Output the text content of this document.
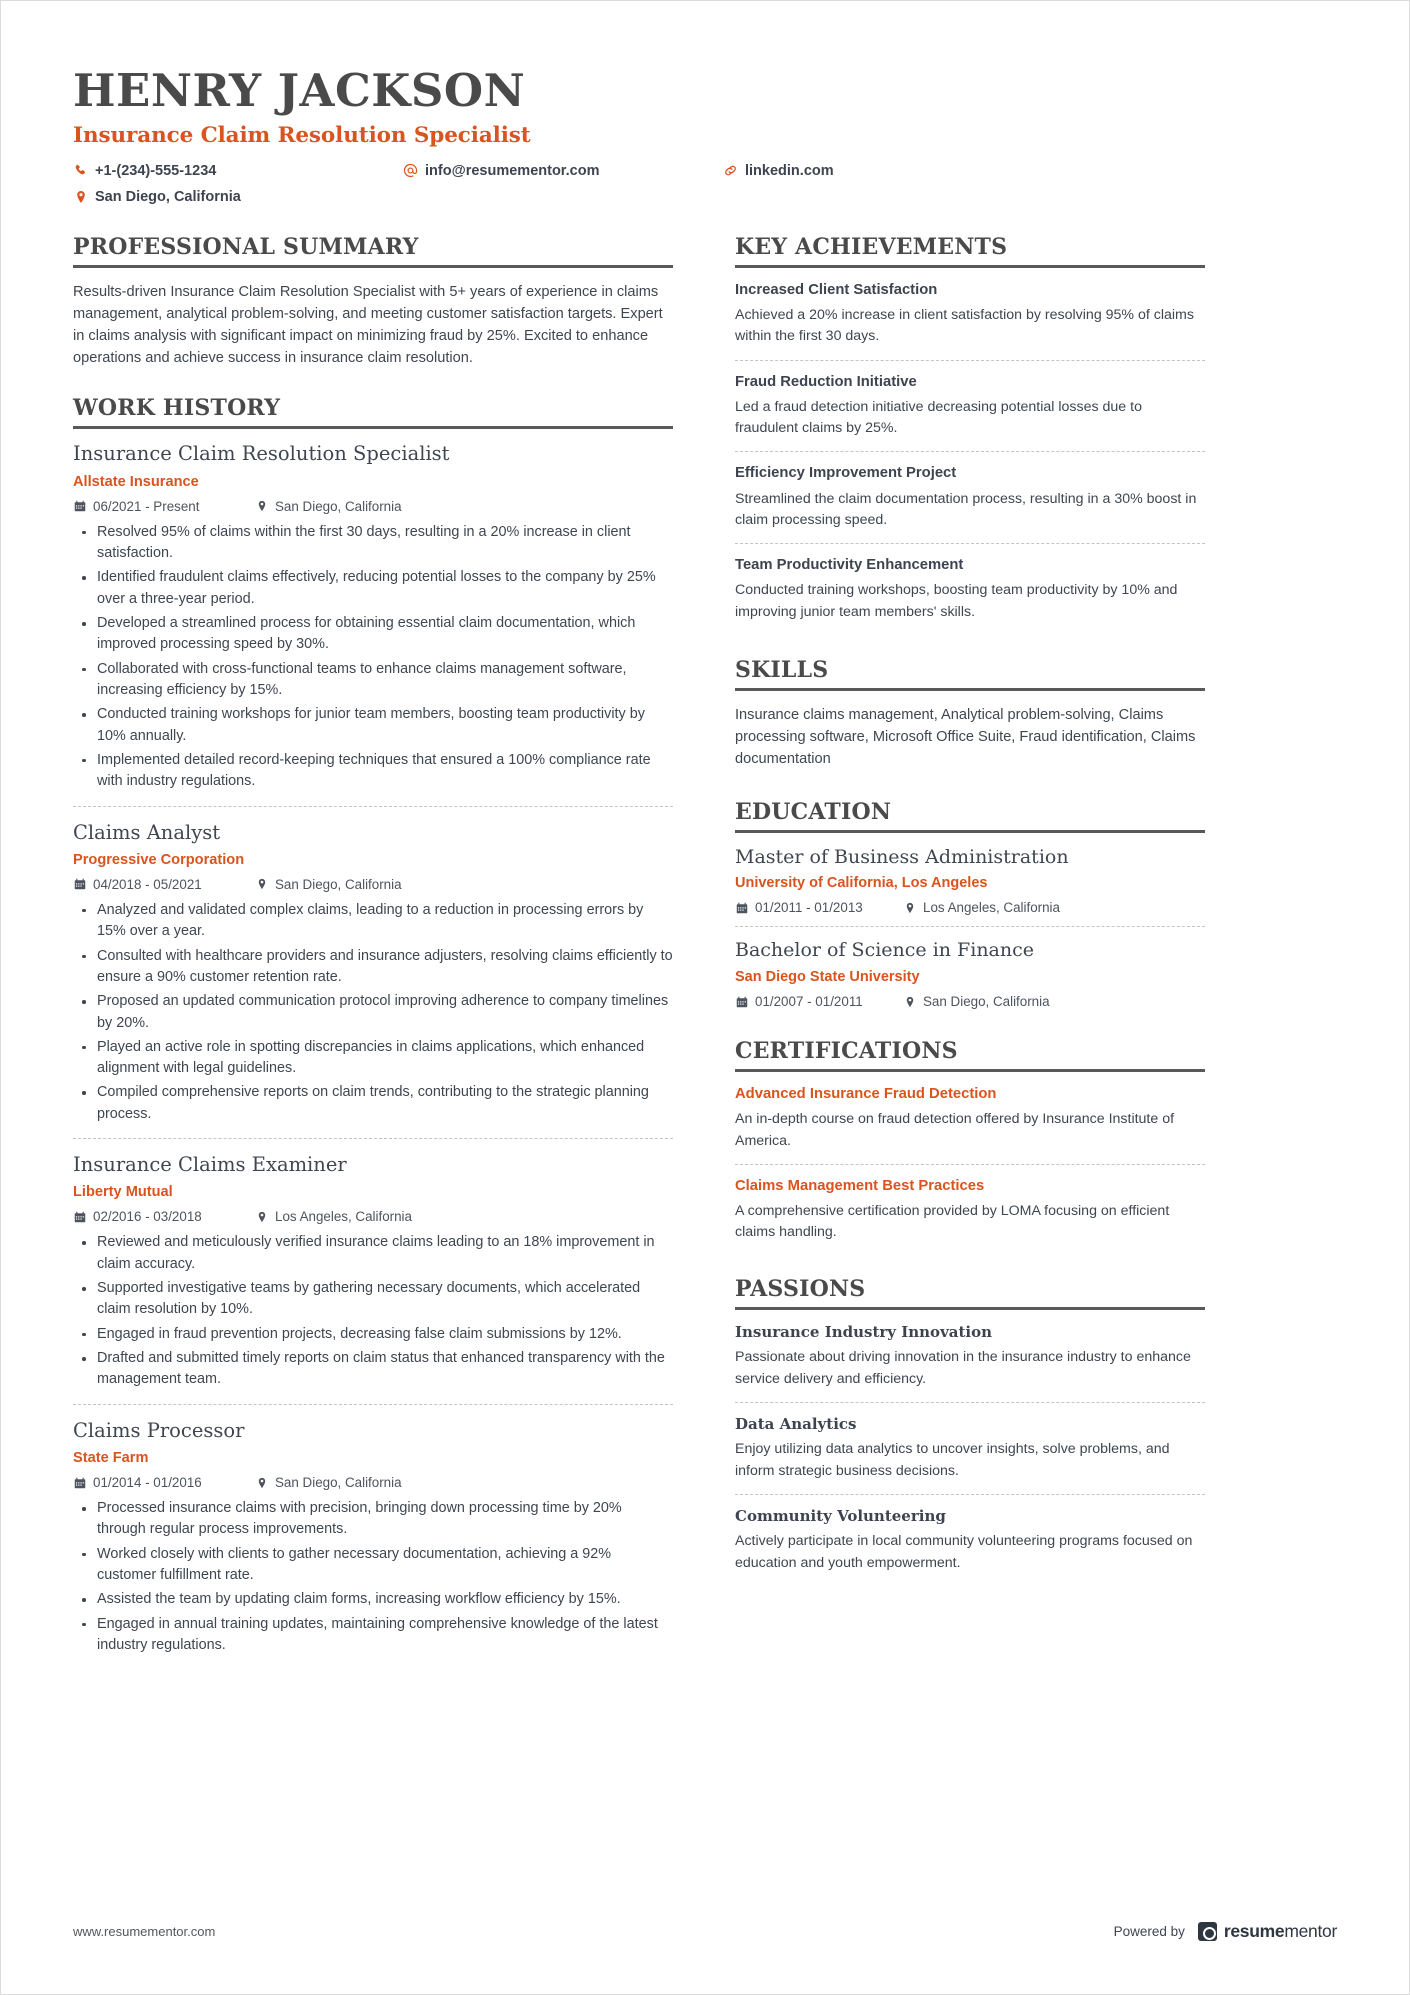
HENRY JACKSON
Insurance Claim Resolution Specialist
+1-(234)-555-1234	info@resumementor.com	linkedin.com
San Diego, California
PROFESSIONAL SUMMARY
Results-driven Insurance Claim Resolution Specialist with 5+ years of experience in claims management, analytical problem-solving, and meeting customer satisfaction targets. Expert in claims analysis with significant impact on minimizing fraud by 25%. Excited to enhance operations and achieve success in insurance claim resolution.
WORK HISTORY
Insurance Claim Resolution Specialist
Allstate Insurance
06/2021 - Present	San Diego, California
Resolved 95% of claims within the first 30 days, resulting in a 20% increase in client satisfaction.
Identified fraudulent claims effectively, reducing potential losses to the company by 25% over a three-year period.
Developed a streamlined process for obtaining essential claim documentation, which improved processing speed by 30%.
Collaborated with cross-functional teams to enhance claims management software, increasing efficiency by 15%.
Conducted training workshops for junior team members, boosting team productivity by 10% annually.
Implemented detailed record-keeping techniques that ensured a 100% compliance rate with industry regulations.
Claims Analyst
Progressive Corporation
04/2018 - 05/2021	San Diego, California
Analyzed and validated complex claims, leading to a reduction in processing errors by 15% over a year.
Consulted with healthcare providers and insurance adjusters, resolving claims efficiently to ensure a 90% customer retention rate.
Proposed an updated communication protocol improving adherence to company timelines by 20%.
Played an active role in spotting discrepancies in claims applications, which enhanced alignment with legal guidelines.
Compiled comprehensive reports on claim trends, contributing to the strategic planning process.
Insurance Claims Examiner
Liberty Mutual
02/2016 - 03/2018	Los Angeles, California
Reviewed and meticulously verified insurance claims leading to an 18% improvement in claim accuracy.
Supported investigative teams by gathering necessary documents, which accelerated claim resolution by 10%.
Engaged in fraud prevention projects, decreasing false claim submissions by 12%.
Drafted and submitted timely reports on claim status that enhanced transparency with the management team.
Claims Processor
State Farm
01/2014 - 01/2016	San Diego, California
Processed insurance claims with precision, bringing down processing time by 20% through regular process improvements.
Worked closely with clients to gather necessary documentation, achieving a 92% customer fulfillment rate.
Assisted the team by updating claim forms, increasing workflow efficiency by 15%.
Engaged in annual training updates, maintaining comprehensive knowledge of the latest industry regulations.
KEY ACHIEVEMENTS
Increased Client Satisfaction
Achieved a 20% increase in client satisfaction by resolving 95% of claims within the first 30 days.
Fraud Reduction Initiative
Led a fraud detection initiative decreasing potential losses due to fraudulent claims by 25%.
Efficiency Improvement Project
Streamlined the claim documentation process, resulting in a 30% boost in claim processing speed.
Team Productivity Enhancement
Conducted training workshops, boosting team productivity by 10% and improving junior team members' skills.
SKILLS
Insurance claims management, Analytical problem-solving, Claims processing software, Microsoft Office Suite, Fraud identification, Claims documentation
EDUCATION
Master of Business Administration
University of California, Los Angeles
01/2011 - 01/2013	Los Angeles, California
Bachelor of Science in Finance
San Diego State University
01/2007 - 01/2011	San Diego, California
CERTIFICATIONS
Advanced Insurance Fraud Detection
An in-depth course on fraud detection offered by Insurance Institute of America.
Claims Management Best Practices
A comprehensive certification provided by LOMA focusing on efficient claims handling.
PASSIONS
Insurance Industry Innovation
Passionate about driving innovation in the insurance industry to enhance service delivery and efficiency.
Data Analytics
Enjoy utilizing data analytics to uncover insights, solve problems, and inform strategic business decisions.
Community Volunteering
Actively participate in local community volunteering programs focused on education and youth empowerment.
www.resumementor.com	Powered by resumementor
